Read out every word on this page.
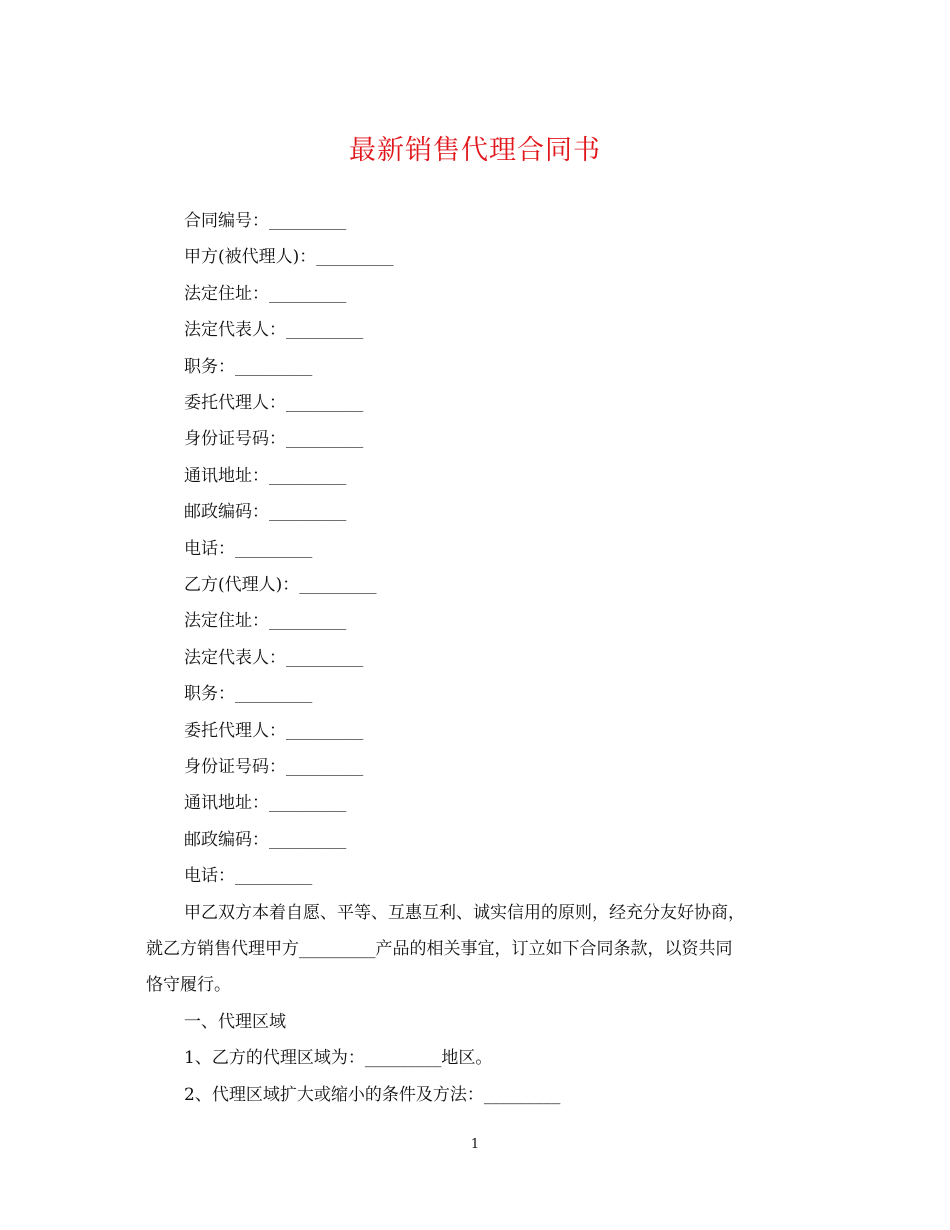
最新销售代理合同书
合同编号：_________
甲方(被代理人)：_________
法定住址：_________
法定代表人：_________
职务：_________
委托代理人：_________
身份证号码：_________
通讯地址：_________
邮政编码：_________
电话：_________
乙方(代理人)：_________
法定住址：_________
法定代表人：_________
职务：_________
委托代理人：_________
身份证号码：_________
通讯地址：_________
邮政编码：_________
电话：_________
甲乙双方本着自愿、平等、互惠互利、诚实信用的原则，经充分友好协商，
就乙方销售代理甲方_________产品的相关事宜，订立如下合同条款，以资共同
恪守履行。
一、代理区域
1、乙方的代理区域为：_________地区。
2、代理区域扩大或缩小的条件及方法：_________
1
